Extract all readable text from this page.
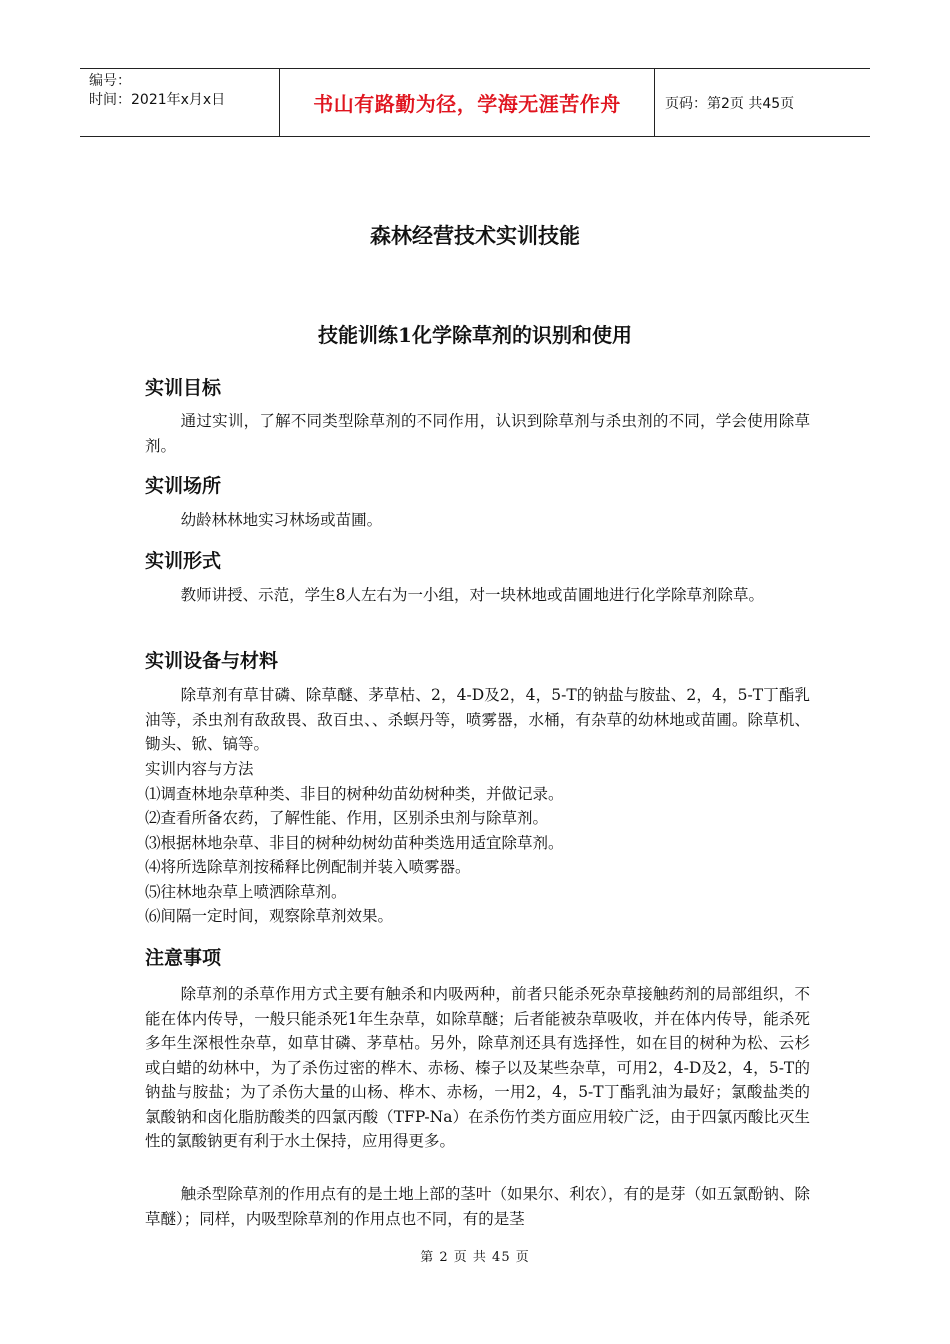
编号：
时间：2021年x月x日	书山有路勤为径，学海无涯苦作舟	页码：第2页 共45页
森林经营技术实训技能
技能训练1化学除草剂的识别和使用
实训目标
通过实训，了解不同类型除草剂的不同作用，认识到除草剂与杀虫剂的不同，学会使用除草剂。
实训场所
幼龄林林地实习林场或苗圃。
实训形式
教师讲授、示范，学生8人左右为一小组，对一块林地或苗圃地进行化学除草剂除草。
实训设备与材料
除草剂有草甘磷、除草醚、茅草枯、2，4-D及2，4，5-T的钠盐与胺盐、2，4，5-T丁酯乳油等，杀虫剂有敌敌畏、敌百虫、、杀螟丹等，喷雾器，水桶，有杂草的幼林地或苗圃。除草机、锄头、锨、镐等。
实训内容与方法
⑴调查林地杂草种类、非目的树种幼苗幼树种类，并做记录。
⑵查看所备农药，了解性能、作用，区别杀虫剂与除草剂。
⑶根据林地杂草、非目的树种幼树幼苗种类选用适宜除草剂。
⑷将所选除草剂按稀释比例配制并装入喷雾器。
⑸往林地杂草上喷洒除草剂。
⑹间隔一定时间，观察除草剂效果。
注意事项
除草剂的杀草作用方式主要有触杀和内吸两种，前者只能杀死杂草接触药剂的局部组织，不能在体内传导，一般只能杀死1年生杂草，如除草醚；后者能被杂草吸收，并在体内传导，能杀死多年生深根性杂草，如草甘磷、茅草枯。另外，除草剂还具有选择性，如在目的树种为松、云杉或白蜡的幼林中，为了杀伤过密的桦木、赤杨、榛子以及某些杂草，可用2，4-D及2，4，5-T的钠盐与胺盐；为了杀伤大量的山杨、桦木、赤杨，一用2，4，5-T丁酯乳油为最好；氯酸盐类的氯酸钠和卤化脂肪酸类的四氯丙酸（TFP-Na）在杀伤竹类方面应用较广泛，由于四氯丙酸比灭生性的氯酸钠更有利于水土保持，应用得更多。
触杀型除草剂的作用点有的是土地上部的茎叶（如果尔、利农），有的是芽（如五氯酚钠、除草醚）；同样，内吸型除草剂的作用点也不同，有的是茎
第 2 页 共 45 页
